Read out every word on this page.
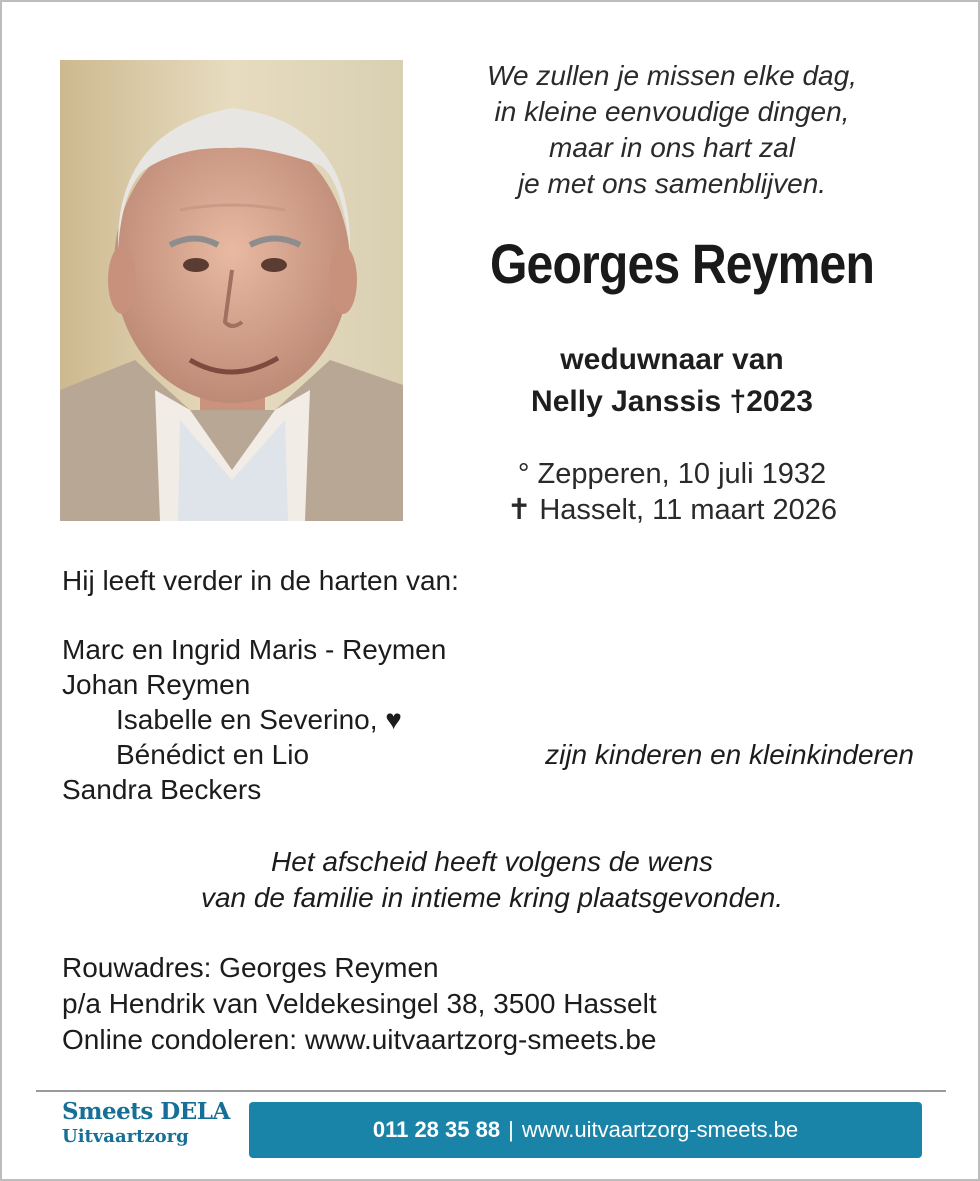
We zullen je missen elke dag,
in kleine eenvoudige dingen,
maar in ons hart zal
je met ons samenblijven.
Georges Reymen
weduwnaar van
Nelly Janssis †2023
° Zepperen, 10 juli 1932
✝ Hasselt, 11 maart 2026
Hij leeft verder in de harten van:
Marc en Ingrid Maris - Reymen
Johan Reymen
Isabelle en Severino, ♥
Bénédict en Lio	zijn kinderen en kleinkinderen
Sandra Beckers
Het afscheid heeft volgens de wens
van de familie in intieme kring plaatsgevonden.
Rouwadres: Georges Reymen
p/a Hendrik van Veldekesingel 38, 3500 Hasselt
Online condoleren: www.uitvaartzorg-smeets.be
Smeets DELA
Uitvaartzorg	011 28 35 88 | www.uitvaartzorg-smeets.be
